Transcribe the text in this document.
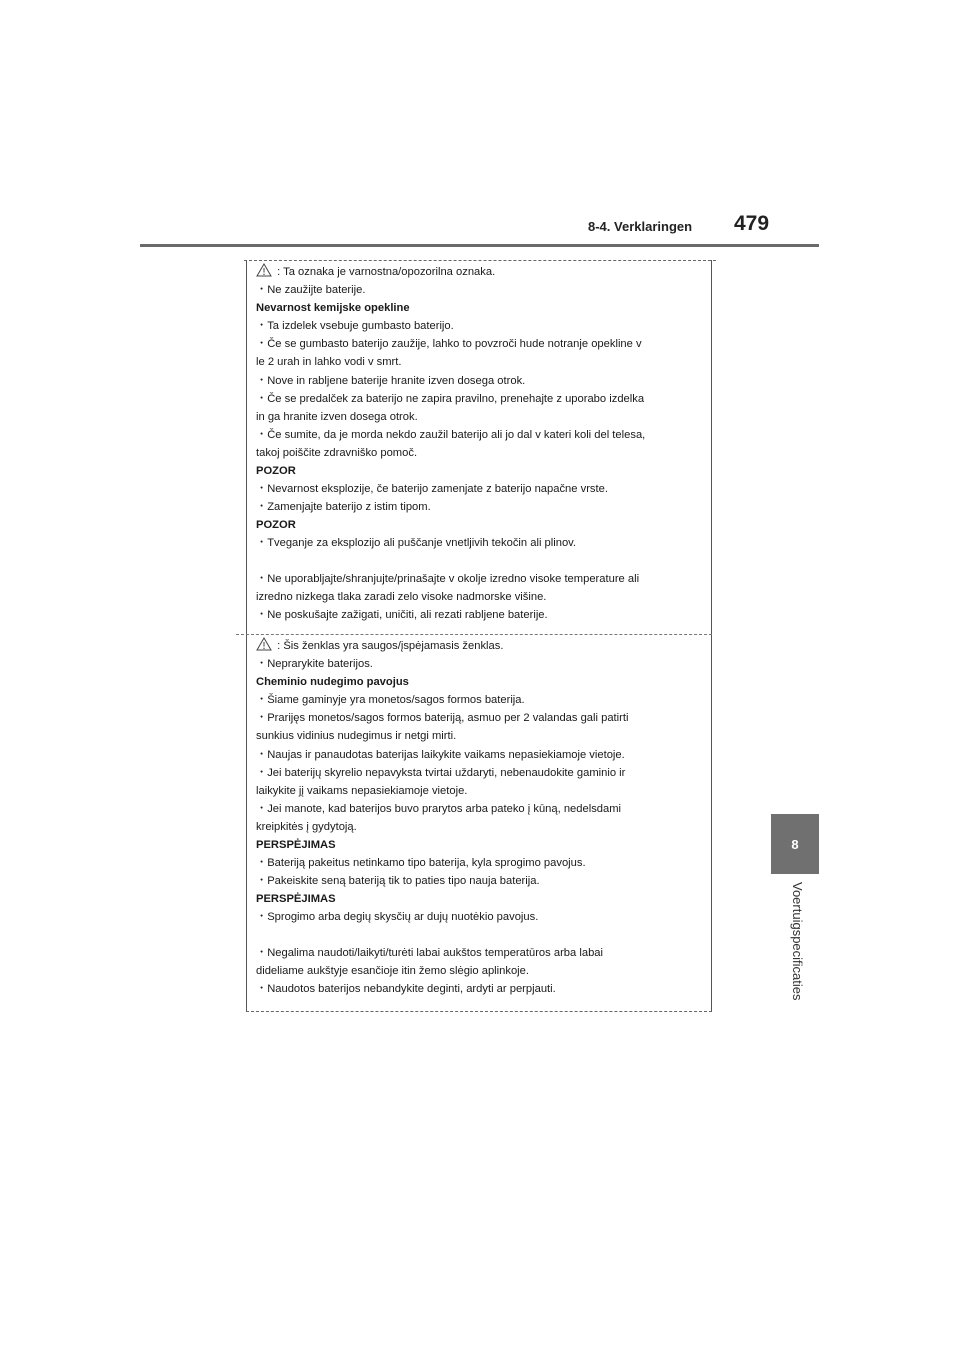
8-4. Verklaringen 479
8
Voertuigspecificaties
: Ta oznaka je varnostna/opozorilna oznaka.
・Ne zaužijte baterije.
Nevarnost kemijske opekline
・Ta izdelek vsebuje gumbasto baterijo.
・Če se gumbasto baterijo zaužije, lahko to povzroči hude notranje opekline v
le 2 urah in lahko vodi v smrt.
・Nove in rabljene baterije hranite izven dosega otrok.
・Če se predalček za baterijo ne zapira pravilno, prenehajte z uporabo izdelka
in ga hranite izven dosega otrok.
・Če sumite, da je morda nekdo zaužil baterijo ali jo dal v kateri koli del telesa,
takoj poiščite zdravniško pomoč.
POZOR
・Nevarnost eksplozije, če baterijo zamenjate z baterijo napačne vrste.
・Zamenjajte baterijo z istim tipom.
POZOR
・Tveganje za eksplozijo ali puščanje vnetljivih tekočin ali plinov.
・Ne uporabljajte/shranjujte/prinašajte v okolje izredno visoke temperature ali
izredno nizkega tlaka zaradi zelo visoke nadmorske višine.
・Ne poskušajte zažigati, uničiti, ali rezati rabljene baterije.
: Šis ženklas yra saugos/įspėjamasis ženklas.
・Neprarykite baterijos.
Cheminio nudegimo pavojus
・Šiame gaminyje yra monetos/sagos formos baterija.
・Prarijęs monetos/sagos formos bateriją, asmuo per 2 valandas gali patirti
sunkius vidinius nudegimus ir netgi mirti.
・Naujas ir panaudotas baterijas laikykite vaikams nepasiekiamoje vietoje.
・Jei baterijų skyrelio nepavyksta tvirtai uždaryti, nebenaudokite gaminio ir
laikykite jį vaikams nepasiekiamoje vietoje.
・Jei manote, kad baterijos buvo prarytos arba pateko į kūną, nedelsdami
kreipkitės į gydytoją.
PERSPĖJIMAS
・Bateriją pakeitus netinkamo tipo baterija, kyla sprogimo pavojus.
・Pakeiskite seną bateriją tik to paties tipo nauja baterija.
PERSPĖJIMAS
・Sprogimo arba degių skysčių ar dujų nuotėkio pavojus.
・Negalima naudoti/laikyti/turėti labai aukštos temperatūros arba labai
dideliame aukštyje esančioje itin žemo slėgio aplinkoje.
・Naudotos baterijos nebandykite deginti, ardyti ar perpjauti.
